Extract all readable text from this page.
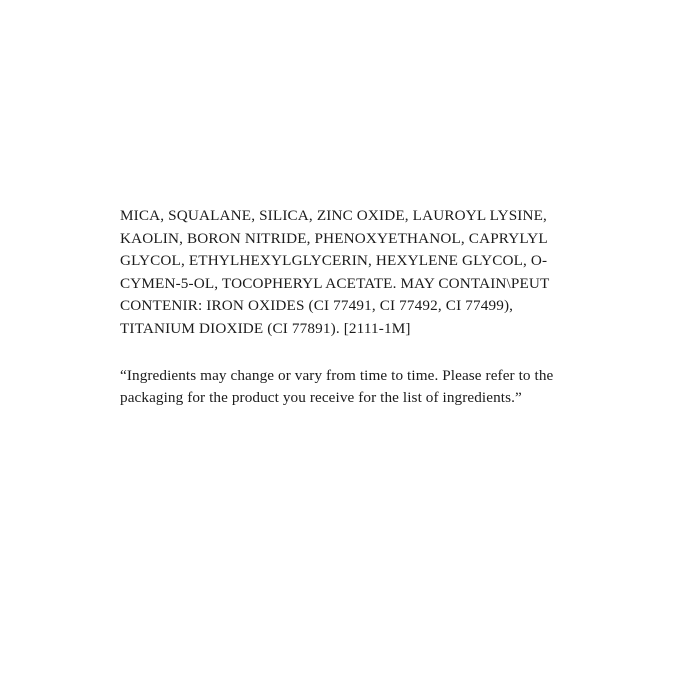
MICA, SQUALANE, SILICA, ZINC OXIDE, LAUROYL LYSINE, KAOLIN, BORON NITRIDE, PHENOXYETHANOL, CAPRYLYL GLYCOL, ETHYLHEXYLGLYCERIN, HEXYLENE GLYCOL, O-CYMEN-5-OL, TOCOPHERYL ACETATE. MAY CONTAIN\PEUT CONTENIR: IRON OXIDES (CI 77491, CI 77492, CI 77499), TITANIUM DIOXIDE (CI 77891). [2111-1M]

“Ingredients may change or vary from time to time. Please refer to the packaging for the product you receive for the list of ingredients.”
